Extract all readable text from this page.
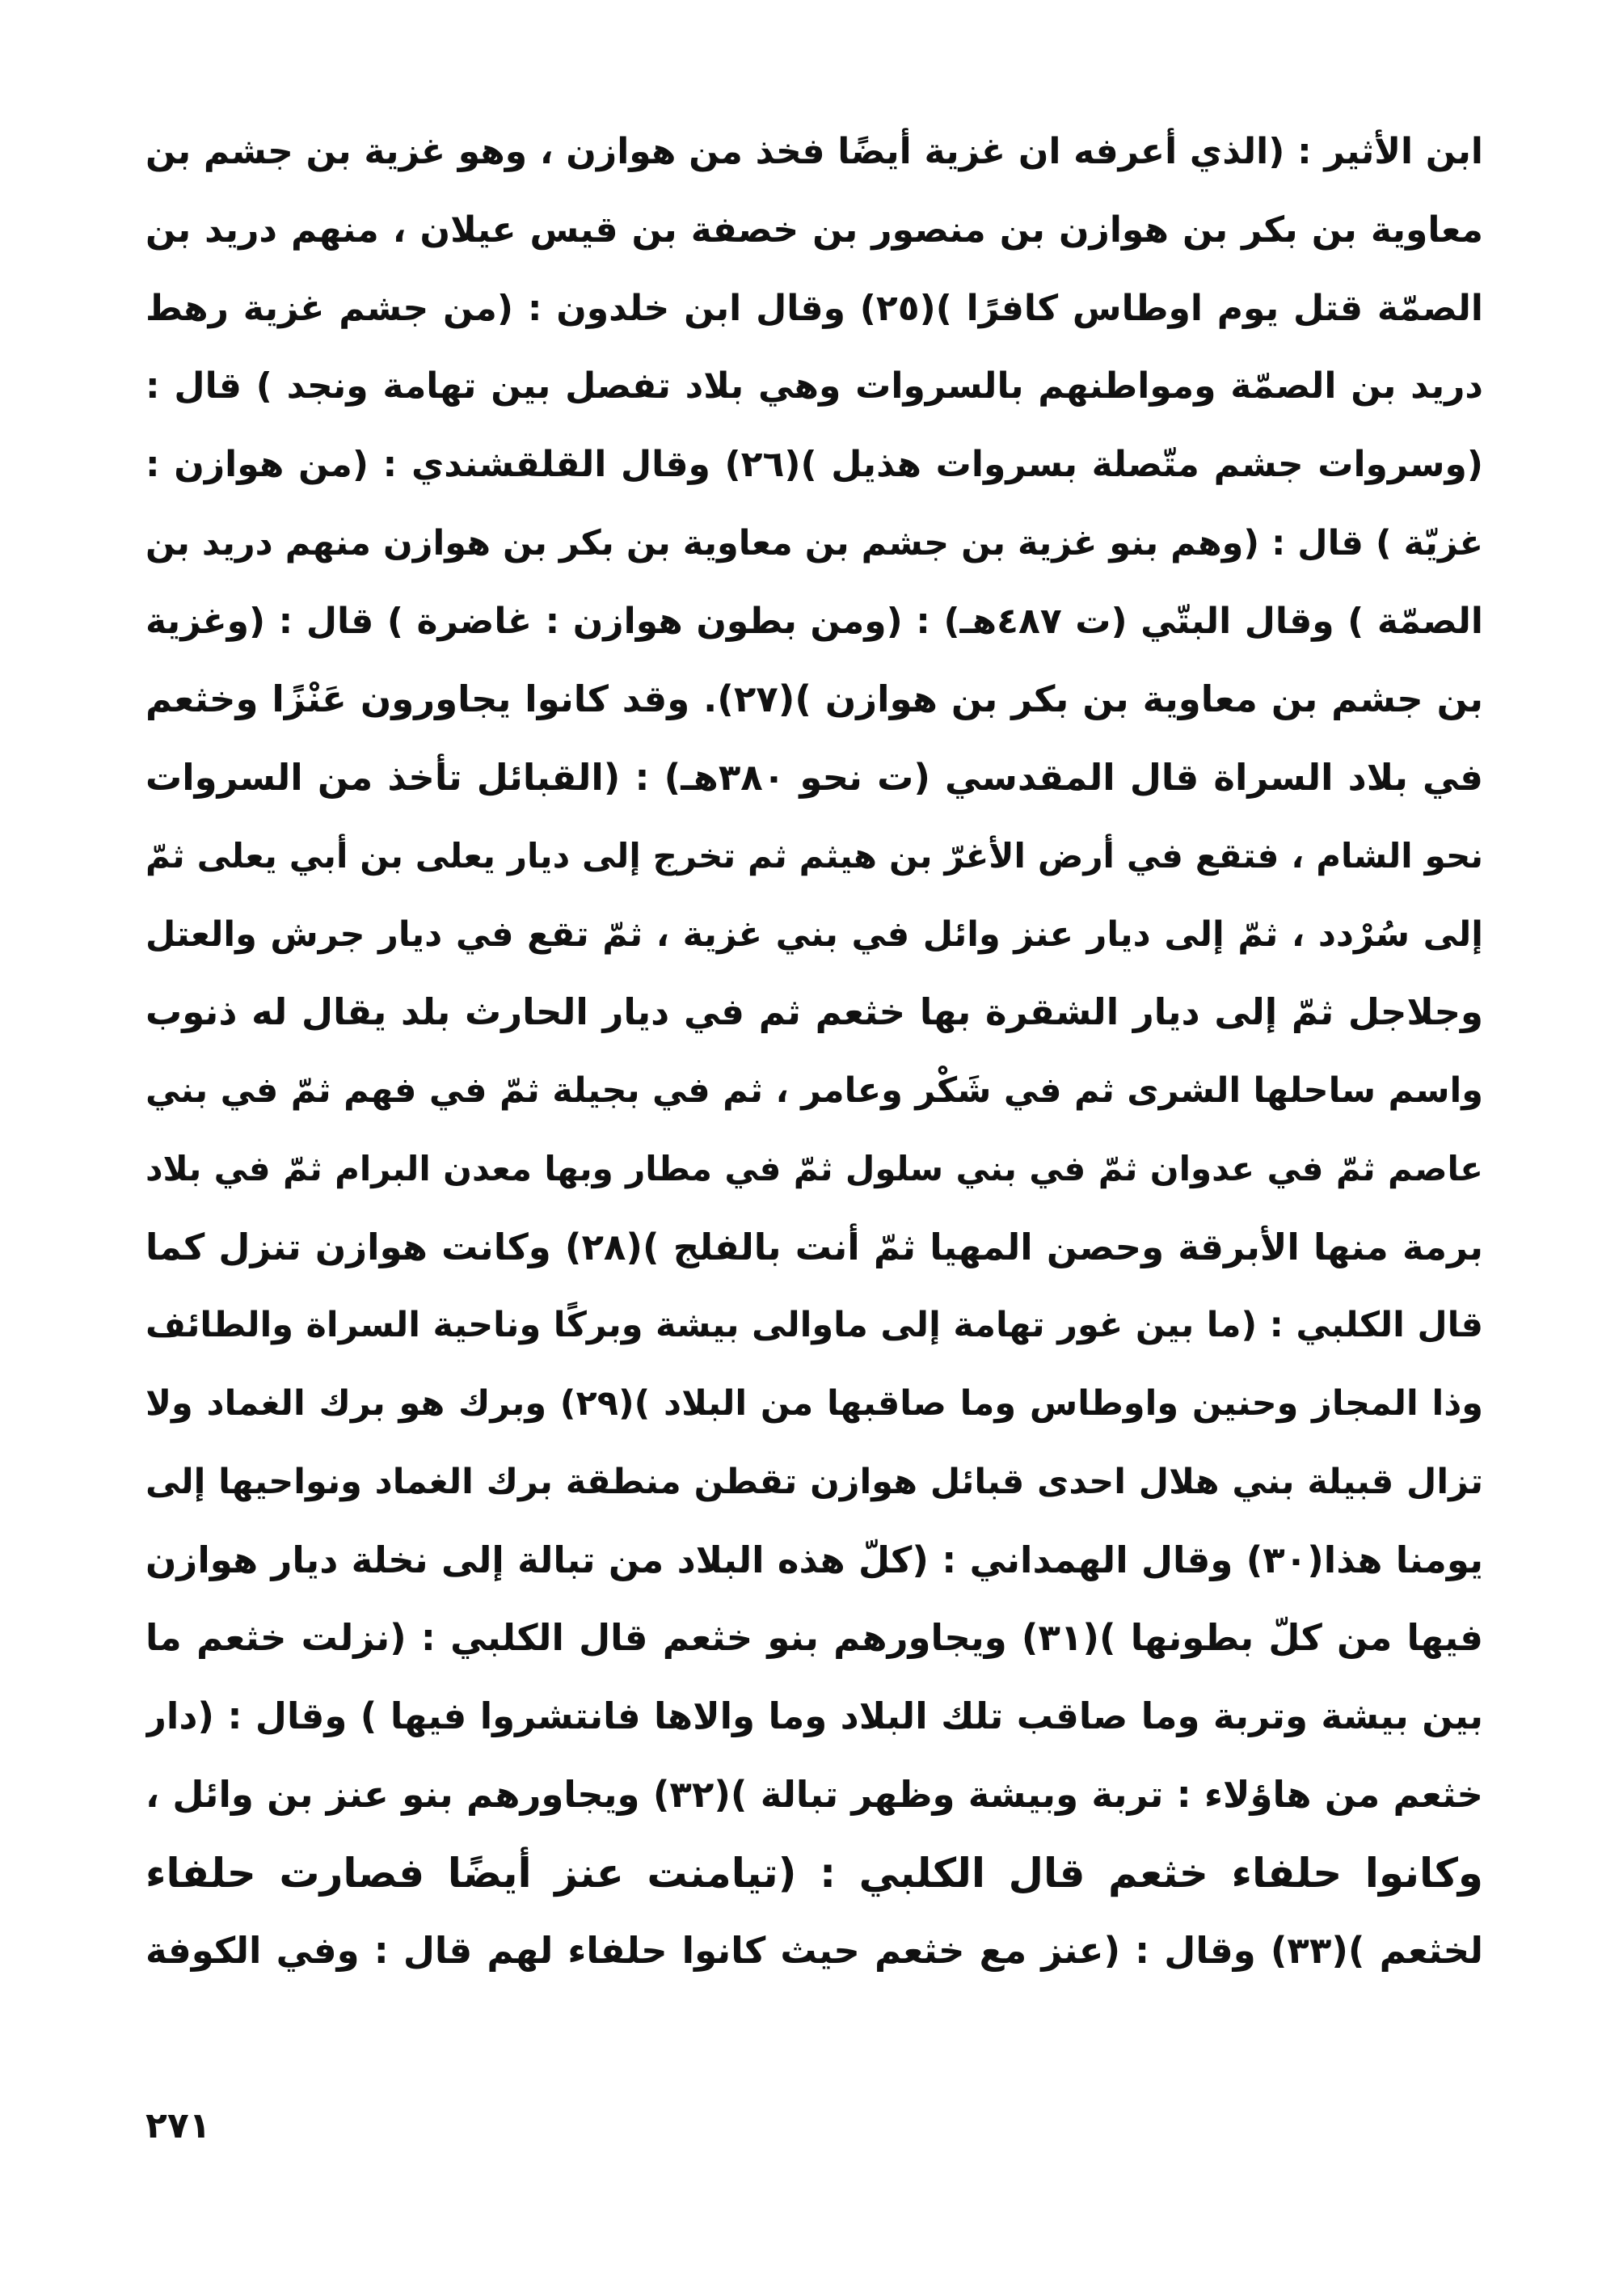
ابن الأثير : (الذي أعرفه ان غزية أيضًا فخذ من هوازن ، وهو غزية بن جشم بن
معاوية بن بكر بن هوازن بن منصور بن خصفة بن قيس عيلان ، منهم دريد بن
الصمّة قتل يوم اوطاس كافرًا )(٢٥) وقال ابن خلدون : (من جشم غزية رهط
دريد بن الصمّة ومواطنهم بالسروات وهي بلاد تفصل بين تهامة ونجد ) قال :
(وسروات جشم متّصلة بسروات هذيل )(٢٦) وقال القلقشندي : (من هوازن :
غزيّة ) قال : (وهم بنو غزية بن جشم بن معاوية بن بكر بن هوازن منهم دريد بن
الصمّة ) وقال البتّي (ت ٤٨٧هـ) : (ومن بطون هوازن : غاضرة ) قال : (وغزية
بن جشم بن معاوية بن بكر بن هوازن )(٢٧). وقد كانوا يجاورون عَنْزًا وخثعم
في بلاد السراة قال المقدسي (ت نحو ٣٨٠هـ) : (القبائل تأخذ من السروات
نحو الشام ، فتقع في أرض الأغرّ بن هيثم ثم تخرج إلى ديار يعلى بن أبي يعلى ثمّ
إلى سُرْدد ، ثمّ إلى ديار عنز وائل في بني غزية ، ثمّ تقع في ديار جرش والعتل
وجلاجل ثمّ إلى ديار الشقرة بها خثعم ثم في ديار الحارث بلد يقال له ذنوب
واسم ساحلها الشرى ثم في شَكْر وعامر ، ثم في بجيلة ثمّ في فهم ثمّ في بني
عاصم ثمّ في عدوان ثمّ في بني سلول ثمّ في مطار وبها معدن البرام ثمّ في بلاد
برمة منها الأبرقة وحصن المهيا ثمّ أنت بالفلج )(٢٨) وكانت هوازن تنزل كما
قال الكلبي : (ما بين غور تهامة إلى ماوالى بيشة وبركًا وناحية السراة والطائف
وذا المجاز وحنين واوطاس وما صاقبها من البلاد )(٢٩) وبرك هو برك الغماد ولا
تزال قبيلة بني هلال احدى قبائل هوازن تقطن منطقة برك الغماد ونواحيها إلى
يومنا هذا(٣٠) وقال الهمداني : (كلّ هذه البلاد من تبالة إلى نخلة ديار هوازن
فيها من كلّ بطونها )(٣١) ويجاورهم بنو خثعم قال الكلبي : (نزلت خثعم ما
بين بيشة وتربة وما صاقب تلك البلاد وما والاها فانتشروا فيها ) وقال : (دار
خثعم من هاؤلاء : تربة وبيشة وظهر تبالة )(٣٢) ويجاورهم بنو عنز بن وائل ،
وكانوا حلفاء خثعم قال الكلبي : (تيامنت عنز أيضًا فصارت حلفاء
لخثعم )(٣٣) وقال : (عنز مع خثعم حيث كانوا حلفاء لهم قال : وفي الكوفة
٢٧١
